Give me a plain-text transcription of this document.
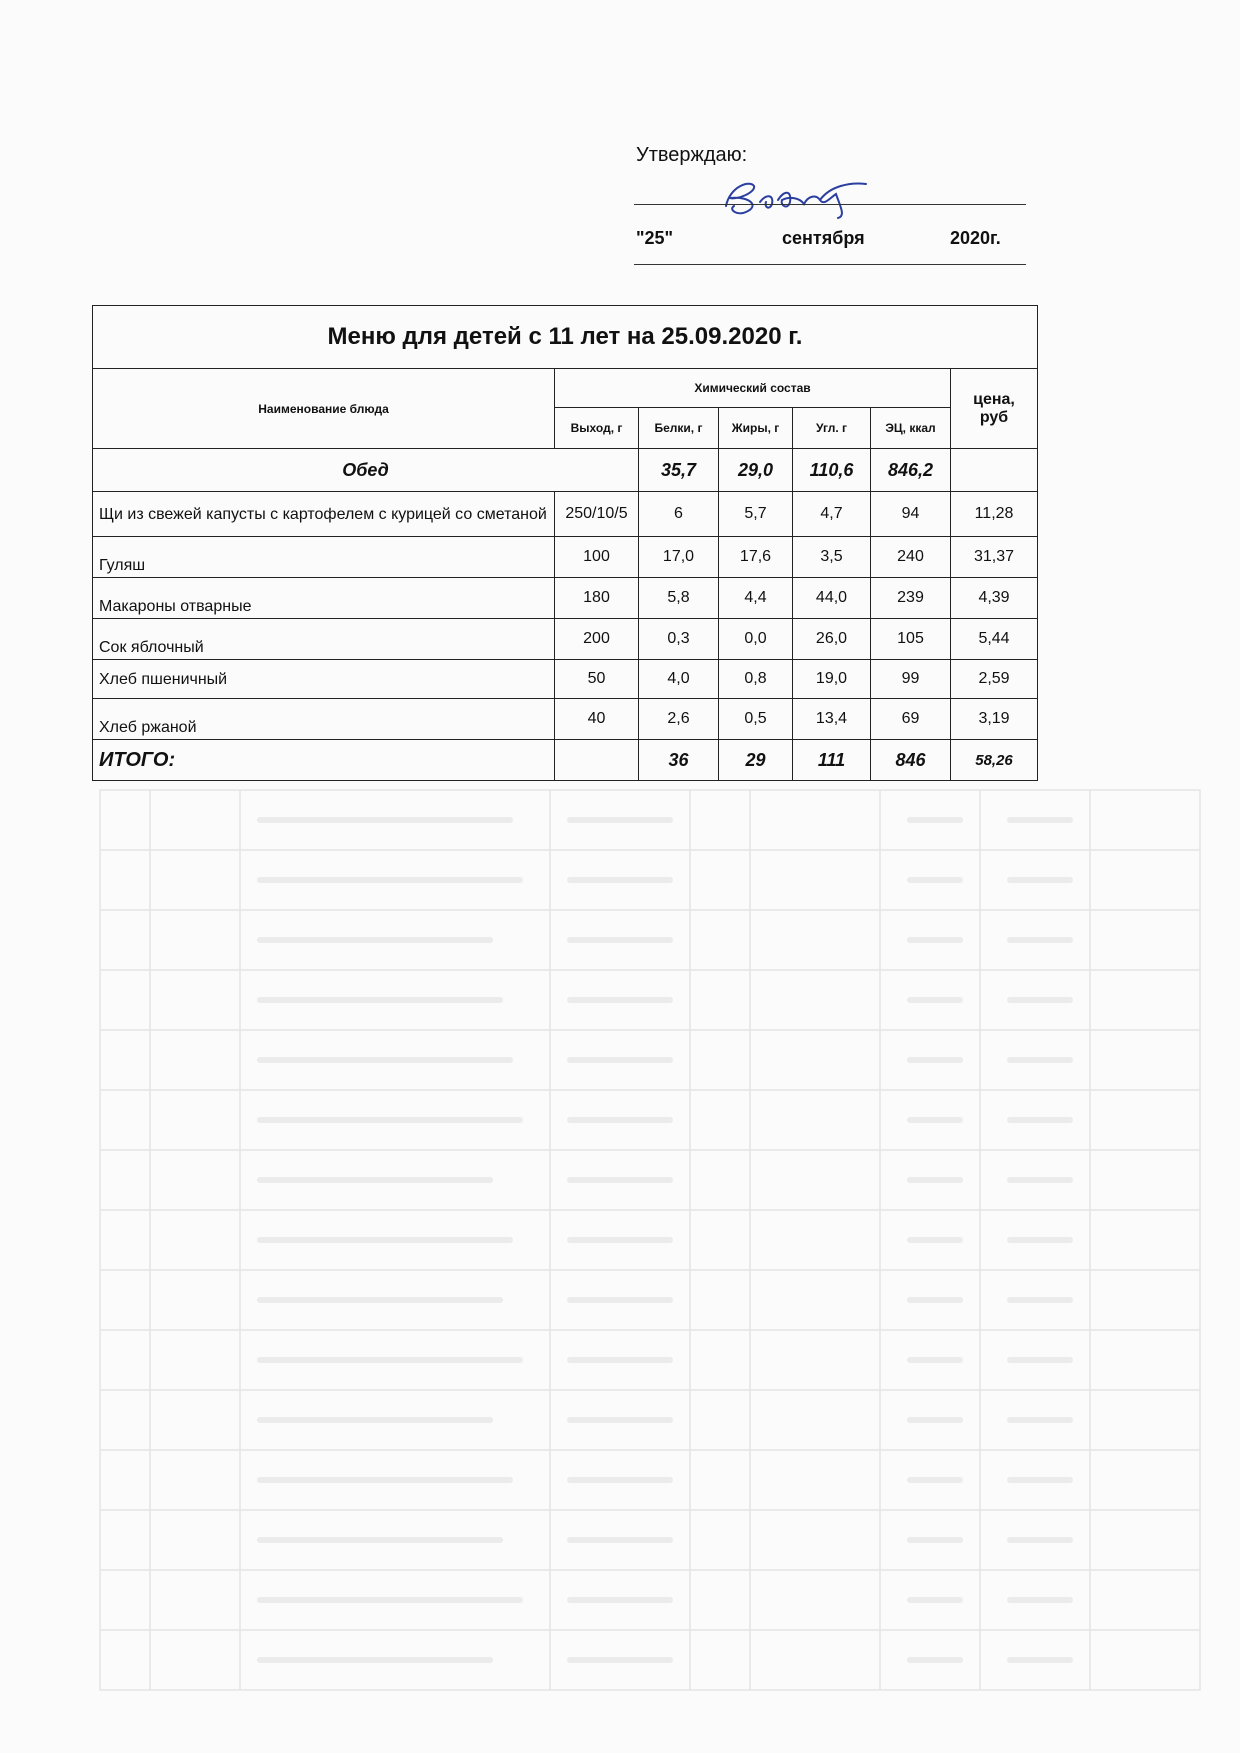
Утверждаю:
"25"	сентября	2020г.
Меню для детей с 11 лет на 25.09.2020 г.						
Наименование блюда	Химический состав					цена, руб
	Выход, г	Белки, г	Жиры, г	Угл. г	ЭЦ, ккал	
Обед		35,7	29,0	110,6	846,2	
Щи из свежей капусты с картофелем с курицей со сметаной	250/10/5	6	5,7	4,7	94	11,28
Гуляш	100	17,0	17,6	3,5	240	31,37
Макароны отварные	180	5,8	4,4	44,0	239	4,39
Сок яблочный	200	0,3	0,0	26,0	105	5,44
Хлеб пшеничный	50	4,0	0,8	19,0	99	2,59
Хлеб ржаной	40	2,6	0,5	13,4	69	3,19
ИТОГО:		36	29	111	846	58,26
